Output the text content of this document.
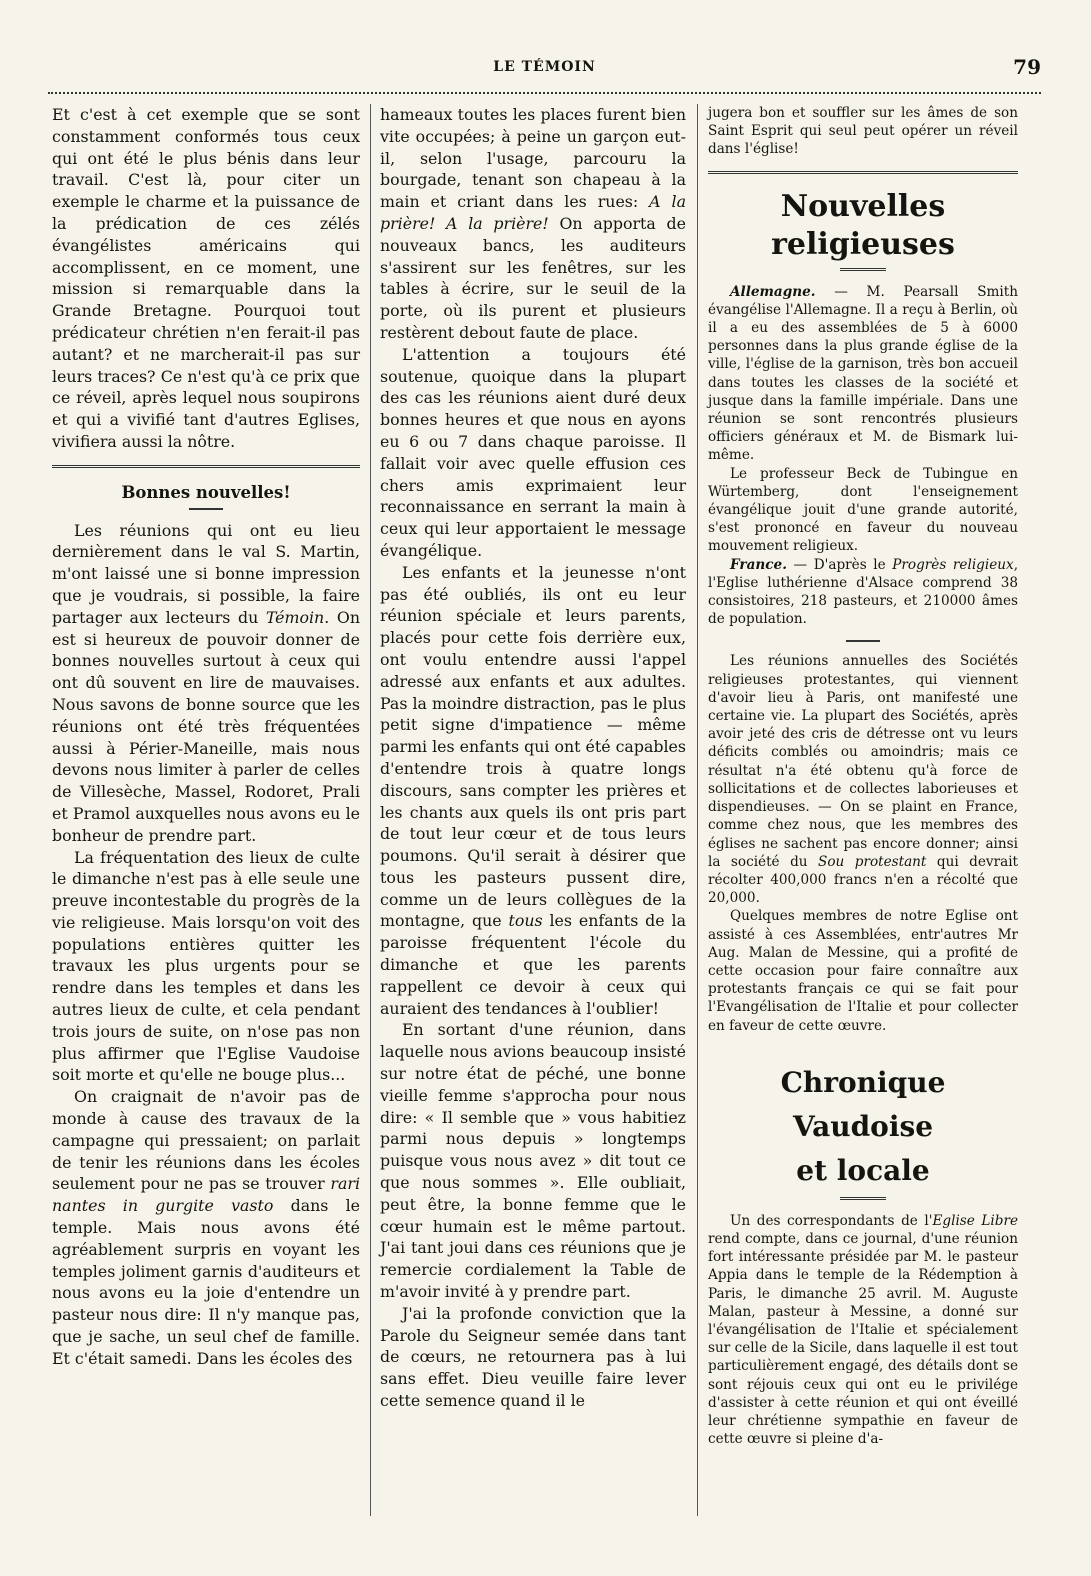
LE TÉMOIN	79

Et c'est à cet exemple que se sont constamment conformés tous ceux qui ont été le plus bénis dans leur travail. C'est là, pour citer un exemple le charme et la puissance de la prédication de ces zélés évangélistes américains qui accomplissent, en ce moment, une mission si remarquable dans la Grande Bretagne. Pourquoi tout prédicateur chrétien n'en ferait-il pas autant? et ne marcherait-il pas sur leurs traces? Ce n'est qu'à ce prix que ce réveil, après lequel nous soupirons et qui a vivifié tant d'autres Eglises, vivifiera aussi la nôtre.

Bonnes nouvelles!

Les réunions qui ont eu lieu dernièrement dans le val S. Martin, m'ont laissé une si bonne impression que je voudrais, si possible, la faire partager aux lecteurs du Témoin. On est si heureux de pouvoir donner de bonnes nouvelles surtout à ceux qui ont dû souvent en lire de mauvaises. Nous savons de bonne source que les réunions ont été très fréquentées aussi à Périer-Maneille, mais nous devons nous limiter à parler de celles de Villesèche, Massel, Rodoret, Prali et Pramol auxquelles nous avons eu le bonheur de prendre part.

La fréquentation des lieux de culte le dimanche n'est pas à elle seule une preuve incontestable du progrès de la vie religieuse. Mais lorsqu'on voit des populations entières quitter les travaux les plus urgents pour se rendre dans les temples et dans les autres lieux de culte, et cela pendant trois jours de suite, on n'ose pas non plus affirmer que l'Eglise Vaudoise soit morte et qu'elle ne bouge plus...

On craignait de n'avoir pas de monde à cause des travaux de la campagne qui pressaient; on parlait de tenir les réunions dans les écoles seulement pour ne pas se trouver rari nantes in gurgite vasto dans le temple. Mais nous avons été agréablement surpris en voyant les temples joliment garnis d'auditeurs et nous avons eu la joie d'entendre un pasteur nous dire: Il n'y manque pas, que je sache, un seul chef de famille. Et c'était samedi. Dans les écoles des

hameaux toutes les places furent bien vite occupées; à peine un garçon eut-il, selon l'usage, parcouru la bourgade, tenant son chapeau à la main et criant dans les rues: A la prière! A la prière! On apporta de nouveaux bancs, les auditeurs s'assirent sur les fenêtres, sur les tables à écrire, sur le seuil de la porte, où ils purent et plusieurs restèrent debout faute de place.

L'attention a toujours été soutenue, quoique dans la plupart des cas les réunions aient duré deux bonnes heures et que nous en ayons eu 6 ou 7 dans chaque paroisse. Il fallait voir avec quelle effusion ces chers amis exprimaient leur reconnaissance en serrant la main à ceux qui leur apportaient le message évangélique.

Les enfants et la jeunesse n'ont pas été oubliés, ils ont eu leur réunion spéciale et leurs parents, placés pour cette fois derrière eux, ont voulu entendre aussi l'appel adressé aux enfants et aux adultes. Pas la moindre distraction, pas le plus petit signe d'impatience — même parmi les enfants qui ont été capables d'entendre trois à quatre longs discours, sans compter les prières et les chants aux quels ils ont pris part de tout leur cœur et de tous leurs poumons. Qu'il serait à désirer que tous les pasteurs pussent dire, comme un de leurs collègues de la montagne, que tous les enfants de la paroisse fréquentent l'école du dimanche et que les parents rappellent ce devoir à ceux qui auraient des tendances à l'oublier!

En sortant d'une réunion, dans laquelle nous avions beaucoup insisté sur notre état de péché, une bonne vieille femme s'approcha pour nous dire: « Il semble que » vous habitiez parmi nous depuis » longtemps puisque vous nous avez » dit tout ce que nous sommes ». Elle oubliait, peut être, la bonne femme que le cœur humain est le même partout. J'ai tant joui dans ces réunions que je remercie cordialement la Table de m'avoir invité à y prendre part.

J'ai la profonde conviction que la Parole du Seigneur semée dans tant de cœurs, ne retournera pas à lui sans effet. Dieu veuille faire lever cette semence quand il le

jugera bon et souffler sur les âmes de son Saint Esprit qui seul peut opérer un réveil dans l'église!

Nouvelles religieuses

Allemagne. — M. Pearsall Smith évangélise l'Allemagne. Il a reçu à Berlin, où il a eu des assemblées de 5 à 6000 personnes dans la plus grande église de la ville, l'église de la garnison, très bon accueil dans toutes les classes de la société et jusque dans la famille impériale. Dans une réunion se sont rencontrés plusieurs officiers généraux et M. de Bismark lui-même.

Le professeur Beck de Tubingue en Würtemberg, dont l'enseignement évangélique jouit d'une grande autorité, s'est prononcé en faveur du nouveau mouvement religieux.

France. — D'après le Progrès religieux, l'Eglise luthérienne d'Alsace comprend 38 consistoires, 218 pasteurs, et 210000 âmes de population.

Les réunions annuelles des Sociétés religieuses protestantes, qui viennent d'avoir lieu à Paris, ont manifesté une certaine vie. La plupart des Sociétés, après avoir jeté des cris de détresse ont vu leurs déficits comblés ou amoindris; mais ce résultat n'a été obtenu qu'à force de sollicitations et de collectes laborieuses et dispendieuses. — On se plaint en France, comme chez nous, que les membres des églises ne sachent pas encore donner; ainsi la société du Sou protestant qui devrait récolter 400,000 francs n'en a récolté que 20,000.

Quelques membres de notre Eglise ont assisté à ces Assemblées, entr'autres Mr Aug. Malan de Messine, qui a profité de cette occasion pour faire connaître aux protestants français ce qui se fait pour l'Evangélisation de l'Italie et pour collecter en faveur de cette œuvre.

Chronique Vaudoise
et locale

Un des correspondants de l'Eglise Libre rend compte, dans ce journal, d'une réunion fort intéressante présidée par M. le pasteur Appia dans le temple de la Rédemption à Paris, le dimanche 25 avril. M. Auguste Malan, pasteur à Messine, a donné sur l'évangélisation de l'Italie et spécialement sur celle de la Sicile, dans laquelle il est tout particulièrement engagé, des détails dont se sont réjouis ceux qui ont eu le privilége d'assister à cette réunion et qui ont éveillé leur chrétienne sympathie en faveur de cette œuvre si pleine d'a-
